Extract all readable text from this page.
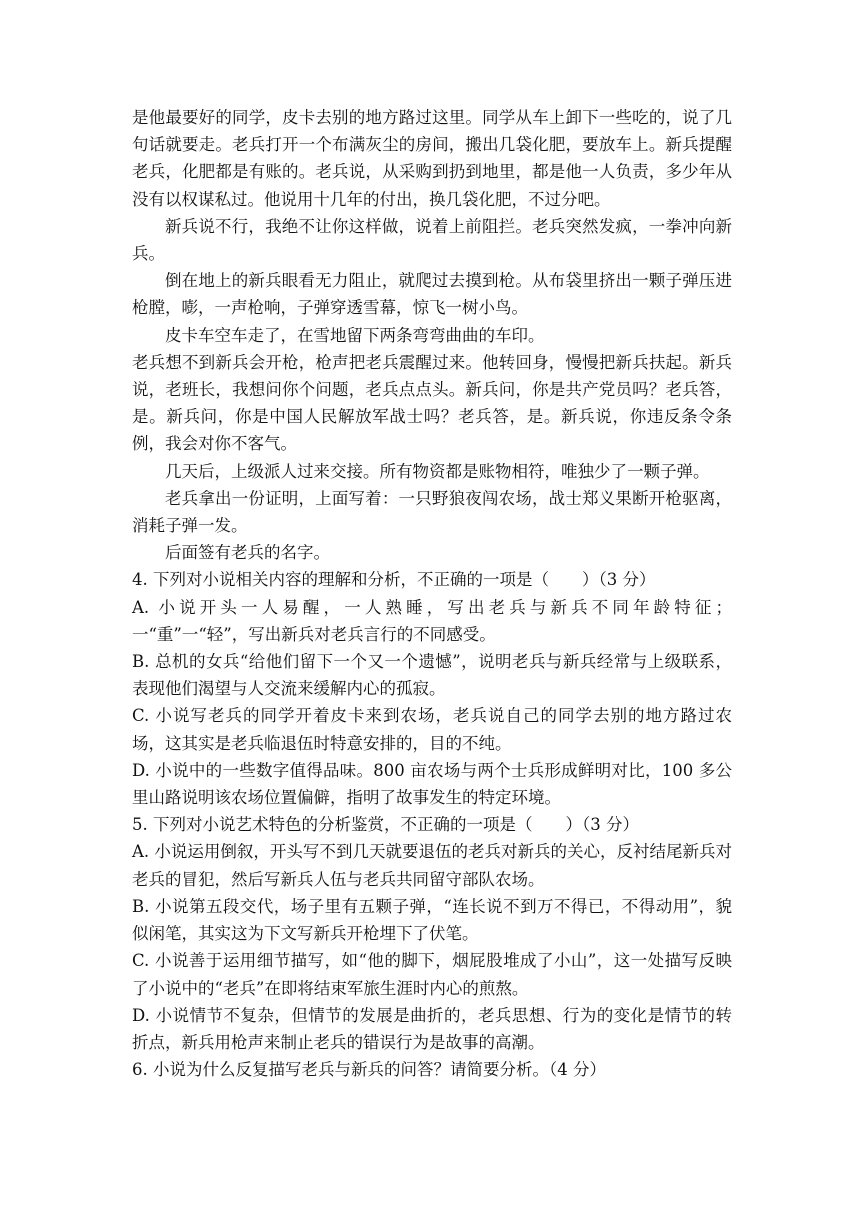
是他最要好的同学，皮卡去别的地方路过这里。同学从车上卸下一些吃的，说了几句话就要走。老兵打开一个布满灰尘的房间，搬出几袋化肥，要放车上。新兵提醒老兵，化肥都是有账的。老兵说，从采购到扔到地里，都是他一人负责，多少年从没有以权谋私过。他说用十几年的付出，换几袋化肥，不过分吧。

新兵说不行，我绝不让你这样做，说着上前阻拦。老兵突然发疯，一拳冲向新兵。

倒在地上的新兵眼看无力阻止，就爬过去摸到枪。从布袋里挤出一颗子弹压进枪膛，嘭，一声枪响，子弹穿透雪幕，惊飞一树小鸟。

皮卡车空车走了，在雪地留下两条弯弯曲曲的车印。

老兵想不到新兵会开枪，枪声把老兵震醒过来。他转回身，慢慢把新兵扶起。新兵说，老班长，我想问你个问题，老兵点点头。新兵问，你是共产党员吗？老兵答，是。新兵问，你是中国人民解放军战士吗？老兵答，是。新兵说，你违反条令条例，我会对你不客气。

几天后，上级派人过来交接。所有物资都是账物相符，唯独少了一颗子弹。

老兵拿出一份证明，上面写着：一只野狼夜闯农场，战士郑义果断开枪驱离，消耗子弹一发。

后面签有老兵的名字。

4. 下列对小说相关内容的理解和分析，不正确的一项是（　　）（3 分）

A. 小说开头一人易醒，一人熟睡，写出老兵与新兵不同年龄特征；一“重”一“轻”，写出新兵对老兵言行的不同感受。

B. 总机的女兵“给他们留下一个又一个遗憾”，说明老兵与新兵经常与上级联系，表现他们渴望与人交流来缓解内心的孤寂。

C. 小说写老兵的同学开着皮卡来到农场，老兵说自己的同学去别的地方路过农场，这其实是老兵临退伍时特意安排的，目的不纯。

D. 小说中的一些数字值得品味。800 亩农场与两个士兵形成鲜明对比，100 多公里山路说明该农场位置偏僻，指明了故事发生的特定环境。

5. 下列对小说艺术特色的分析鉴赏，不正确的一项是（　　）（3 分）

A. 小说运用倒叙，开头写不到几天就要退伍的老兵对新兵的关心，反衬结尾新兵对老兵的冒犯，然后写新兵人伍与老兵共同留守部队农场。

B. 小说第五段交代，场子里有五颗子弹，“连长说不到万不得已，不得动用”，貌似闲笔，其实这为下文写新兵开枪埋下了伏笔。

C. 小说善于运用细节描写，如“他的脚下，烟屁股堆成了小山”，这一处描写反映了小说中的“老兵”在即将结束军旅生涯时内心的煎熬。

D. 小说情节不复杂，但情节的发展是曲折的，老兵思想、行为的变化是情节的转折点，新兵用枪声来制止老兵的错误行为是故事的高潮。

6. 小说为什么反复描写老兵与新兵的问答？请简要分析。（4 分）
